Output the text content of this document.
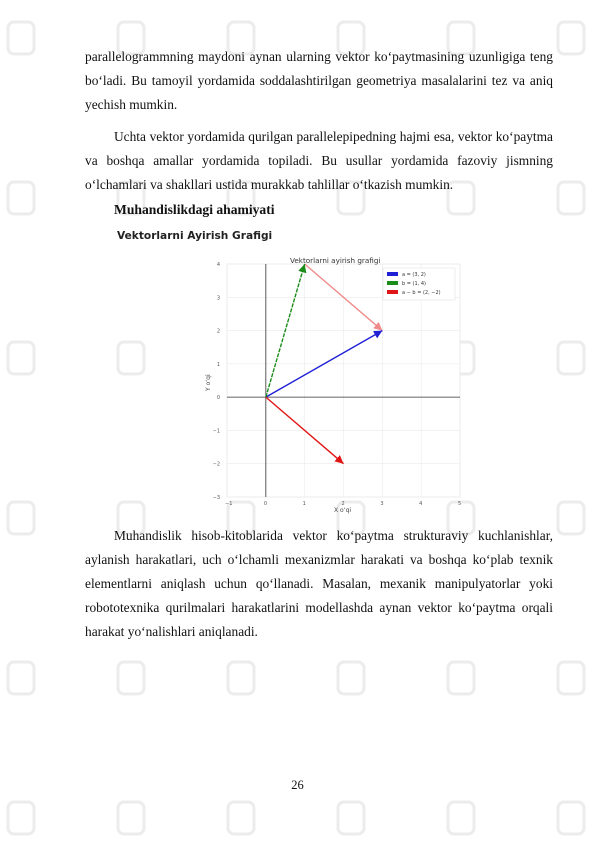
parallelogrammning maydoni aynan ularning vektor ko‘paytmasining uzunligiga teng bo‘ladi. Bu tamoyil yordamida soddalashtirilgan geometriya masalalarini tez va aniq yechish mumkin.
Uchta vektor yordamida qurilgan parallelepipedning hajmi esa, vektor ko‘paytma va boshqa amallar yordamida topiladi. Bu usullar yordamida fazoviy jismning o‘lchamlari va shakllari ustida murakkab tahlillar o‘tkazish mumkin.
Muhandislikdagi ahamiyati
Vektorlarni Ayirish Grafigi
−1	0	1	2	3	4	5
4
3
2
1
0
−1
−2
−3
Vektorlarni ayirish grafigi
X o‘qi
Y o‘qi
a = (3, 2)
b = (1, 4)
a − b = (2, −2)
Muhandislik hisob-kitoblarida vektor ko‘paytma strukturaviy kuchlanishlar, aylanish harakatlari, uch o‘lchamli mexanizmlar harakati va boshqa ko‘plab texnik elementlarni aniqlash uchun qo‘llanadi. Masalan, mexanik manipulyatorlar yoki robototexnika qurilmalari harakatlarini modellashda aynan vektor ko‘paytma orqali harakat yo‘nalishlari aniqlanadi.
26
